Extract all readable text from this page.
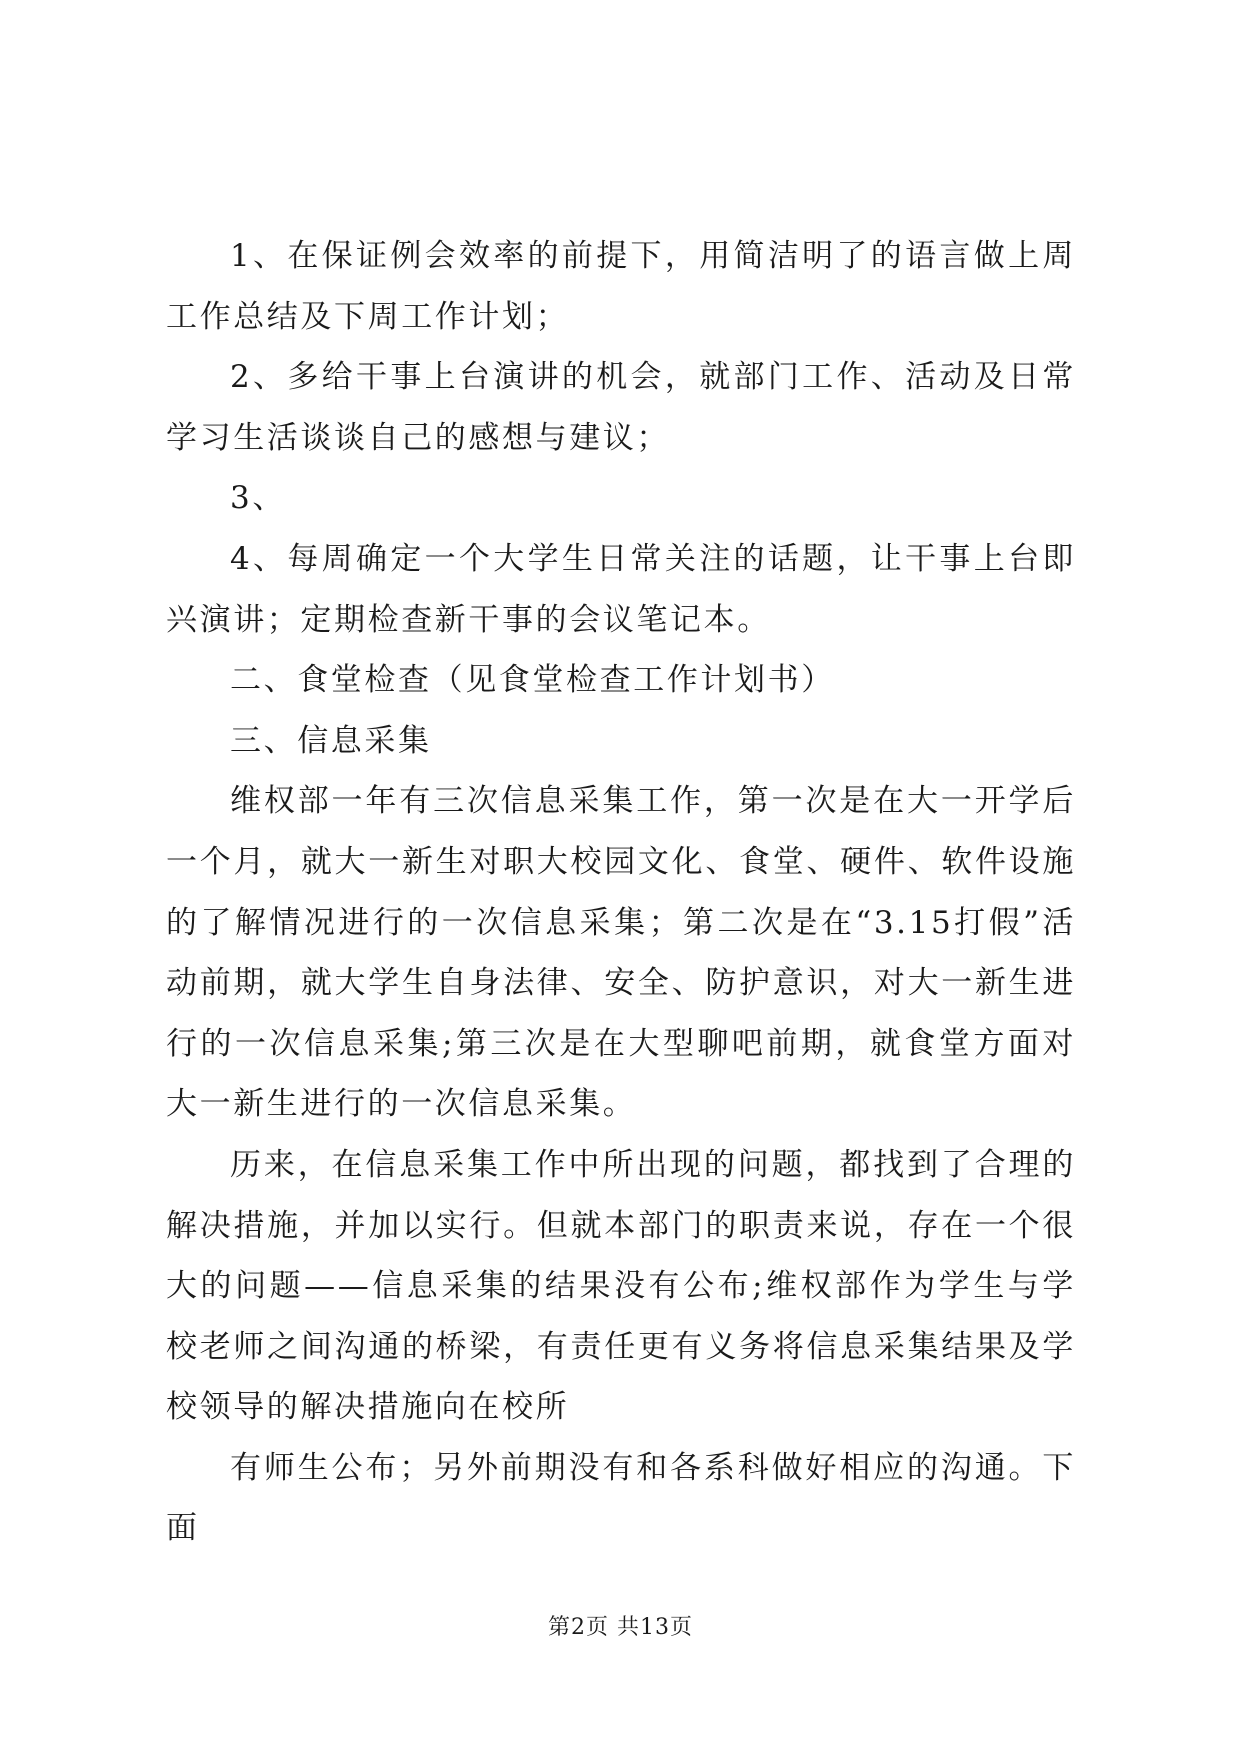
1、在保证例会效率的前提下，用简洁明了的语言做上周工作总结及下周工作计划；

2、多给干事上台演讲的机会，就部门工作、活动及日常学习生活谈谈自己的感想与建议；

3、

4、每周确定一个大学生日常关注的话题，让干事上台即兴演讲；定期检查新干事的会议笔记本。

二、食堂检查（见食堂检查工作计划书）

三、信息采集

维权部一年有三次信息采集工作，第一次是在大一开学后一个月，就大一新生对职大校园文化、食堂、硬件、软件设施的了解情况进行的一次信息采集；第二次是在“3.15打假”活动前期，就大学生自身法律、安全、防护意识，对大一新生进行的一次信息采集;第三次是在大型聊吧前期，就食堂方面对大一新生进行的一次信息采集。

历来，在信息采集工作中所出现的问题，都找到了合理的解决措施，并加以实行。但就本部门的职责来说，存在一个很大的问题——信息采集的结果没有公布;维权部作为学生与学校老师之间沟通的桥梁，有责任更有义务将信息采集结果及学校领导的解决措施向在校所

有师生公布；另外前期没有和各系科做好相应的沟通。下面

第2页 共13页
